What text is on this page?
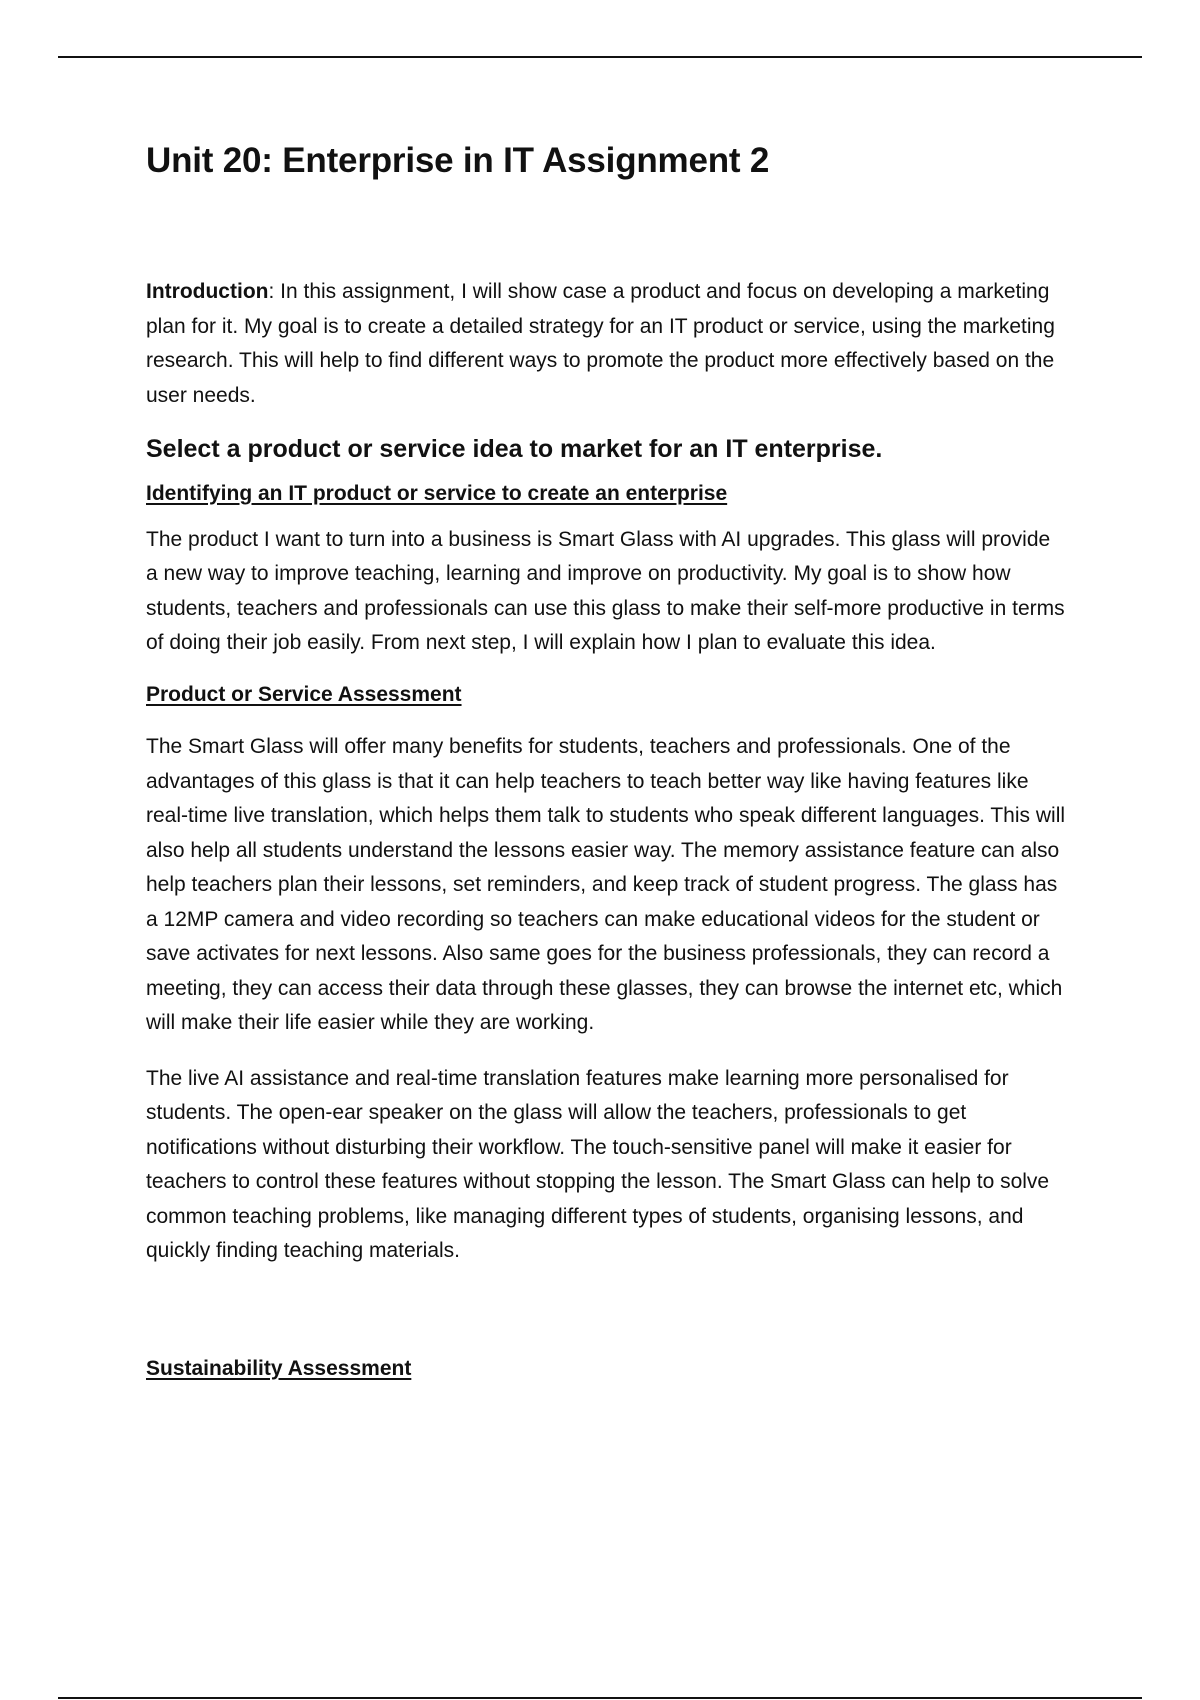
Unit 20: Enterprise in IT Assignment 2

Introduction: In this assignment, I will show case a product and focus on developing a marketing plan for it. My goal is to create a detailed strategy for an IT product or service, using the marketing research. This will help to find different ways to promote the product more effectively based on the user needs.

Select a product or service idea to market for an IT enterprise.
Identifying an IT product or service to create an enterprise

The product I want to turn into a business is Smart Glass with AI upgrades. This glass will provide a new way to improve teaching, learning and improve on productivity. My goal is to show how students, teachers and professionals can use this glass to make their self-more productive in terms of doing their job easily. From next step, I will explain how I plan to evaluate this idea.

Product or Service Assessment

The Smart Glass will offer many benefits for students, teachers and professionals. One of the advantages of this glass is that it can help teachers to teach better way like having features like real-time live translation, which helps them talk to students who speak different languages. This will also help all students understand the lessons easier way. The memory assistance feature can also help teachers plan their lessons, set reminders, and keep track of student progress. The glass has a 12MP camera and video recording so teachers can make educational videos for the student or save activates for next lessons. Also same goes for the business professionals, they can record a meeting, they can access their data through these glasses, they can browse the internet etc, which will make their life easier while they are working.

The live AI assistance and real-time translation features make learning more personalised for students. The open-ear speaker on the glass will allow the teachers, professionals to get notifications without disturbing their workflow. The touch-sensitive panel will make it easier for teachers to control these features without stopping the lesson. The Smart Glass can help to solve common teaching problems, like managing different types of students, organising lessons, and quickly finding teaching materials.

Sustainability Assessment
